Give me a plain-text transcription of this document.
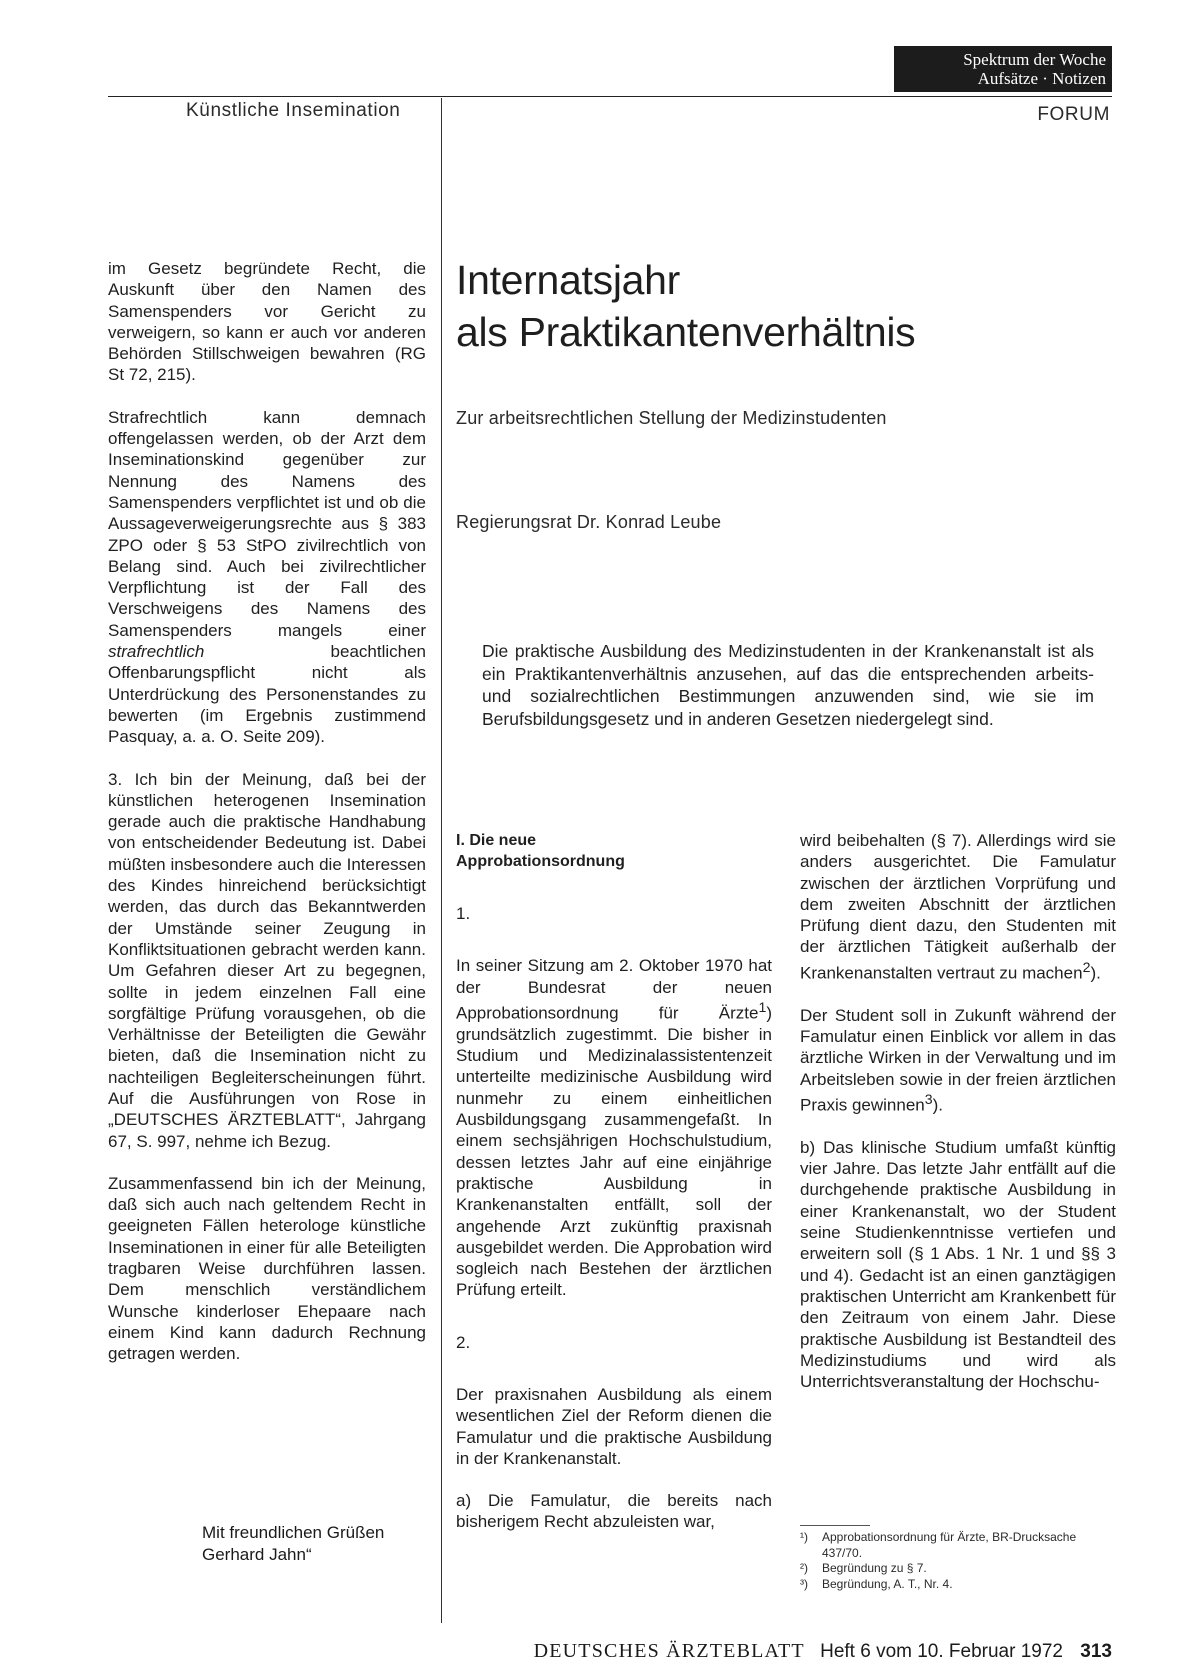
Spektrum der Woche
Aufsätze · Notizen
Künstliche Insemination	FORUM

im Gesetz begründete Recht, die Auskunft über den Namen des Samenspenders vor Gericht zu verweigern, so kann er auch vor anderen Behörden Stillschweigen bewahren (RG St 72, 215).

Strafrechtlich kann demnach offengelassen werden, ob der Arzt dem Inseminationskind gegenüber zur Nennung des Namens des Samenspenders verpflichtet ist und ob die Aussageverweigerungsrechte aus § 383 ZPO oder § 53 StPO zivilrechtlich von Belang sind. Auch bei zivilrechtlicher Verpflichtung ist der Fall des Verschweigens des Namens des Samenspenders mangels einer strafrechtlich beachtlichen Offenbarungspflicht nicht als Unterdrückung des Personenstandes zu bewerten (im Ergebnis zustimmend Pasquay, a. a. O. Seite 209).

3. Ich bin der Meinung, daß bei der künstlichen heterogenen Insemination gerade auch die praktische Handhabung von entscheidender Bedeutung ist. Dabei müßten insbesondere auch die Interessen des Kindes hinreichend berücksichtigt werden, das durch das Bekanntwerden der Umstände seiner Zeugung in Konfliktsituationen gebracht werden kann. Um Gefahren dieser Art zu begegnen, sollte in jedem einzelnen Fall eine sorgfältige Prüfung vorausgehen, ob die Verhältnisse der Beteiligten die Gewähr bieten, daß die Insemination nicht zu nachteiligen Begleiterscheinungen führt. Auf die Ausführungen von Rose in „DEUTSCHES ÄRZTEBLATT“, Jahrgang 67, S. 997, nehme ich Bezug.

Zusammenfassend bin ich der Meinung, daß sich auch nach geltendem Recht in geeigneten Fällen heterologe künstliche Inseminationen in einer für alle Beteiligten tragbaren Weise durchführen lassen. Dem menschlich verständlichem Wunsche kinderloser Ehepaare nach einem Kind kann dadurch Rechnung getragen werden.

Mit freundlichen Grüßen
Gerhard Jahn“
Internatsjahr
als Praktikantenverhältnis
Zur arbeitsrechtlichen Stellung der Medizinstudenten
Regierungsrat Dr. Konrad Leube

Die praktische Ausbildung des Medizinstudenten in der Krankenanstalt ist als ein Praktikantenverhältnis anzusehen, auf das die entsprechenden arbeits- und sozialrechtlichen Bestimmungen anzuwenden sind, wie sie im Berufsbildungsgesetz und in anderen Gesetzen niedergelegt sind.

I. Die neue
Approbationsordnung

1.

In seiner Sitzung am 2. Oktober 1970 hat der Bundesrat der neuen Approbationsordnung für Ärzte$^1$) grundsätzlich zugestimmt. Die bisher in Studium und Medizinalassistentenzeit unterteilte medizinische Ausbildung wird nunmehr zu einem einheitlichen Ausbildungsgang zusammengefaßt. In einem sechsjährigen Hochschulstudium, dessen letztes Jahr auf eine einjährige praktische Ausbildung in Krankenanstalten entfällt, soll der angehende Arzt zukünftig praxisnah ausgebildet werden. Die Approbation wird sogleich nach Bestehen der ärztlichen Prüfung erteilt.

2.

Der praxisnahen Ausbildung als einem wesentlichen Ziel der Reform dienen die Famulatur und die praktische Ausbildung in der Krankenanstalt.

a) Die Famulatur, die bereits nach bisherigem Recht abzuleisten war,

wird beibehalten (§ 7). Allerdings wird sie anders ausgerichtet. Die Famulatur zwischen der ärztlichen Vorprüfung und dem zweiten Abschnitt der ärztlichen Prüfung dient dazu, den Studenten mit der ärztlichen Tätigkeit außerhalb der Krankenanstalten vertraut zu machen$^2$).

Der Student soll in Zukunft während der Famulatur einen Einblick vor allem in das ärztliche Wirken in der Verwaltung und im Arbeitsleben sowie in der freien ärztlichen Praxis gewinnen$^3$).

b) Das klinische Studium umfaßt künftig vier Jahre. Das letzte Jahr entfällt auf die durchgehende praktische Ausbildung in einer Krankenanstalt, wo der Student seine Studienkenntnisse vertiefen und erweitern soll (§ 1 Abs. 1 Nr. 1 und §§ 3 und 4). Gedacht ist an einen ganztägigen praktischen Unterricht am Krankenbett für den Zeitraum von einem Jahr. Diese praktische Ausbildung ist Bestandteil des Medizinstudiums und wird als Unterrichtsveranstaltung der Hochschu-

¹)	Approbationsordnung für Ärzte, BR-Drucksache 437/70.
²)	Begründung zu § 7.
³)	Begründung, A. T., Nr. 4.
DEUTSCHES ÄRZTEBLATT Heft 6 vom 10. Februar 1972 313
